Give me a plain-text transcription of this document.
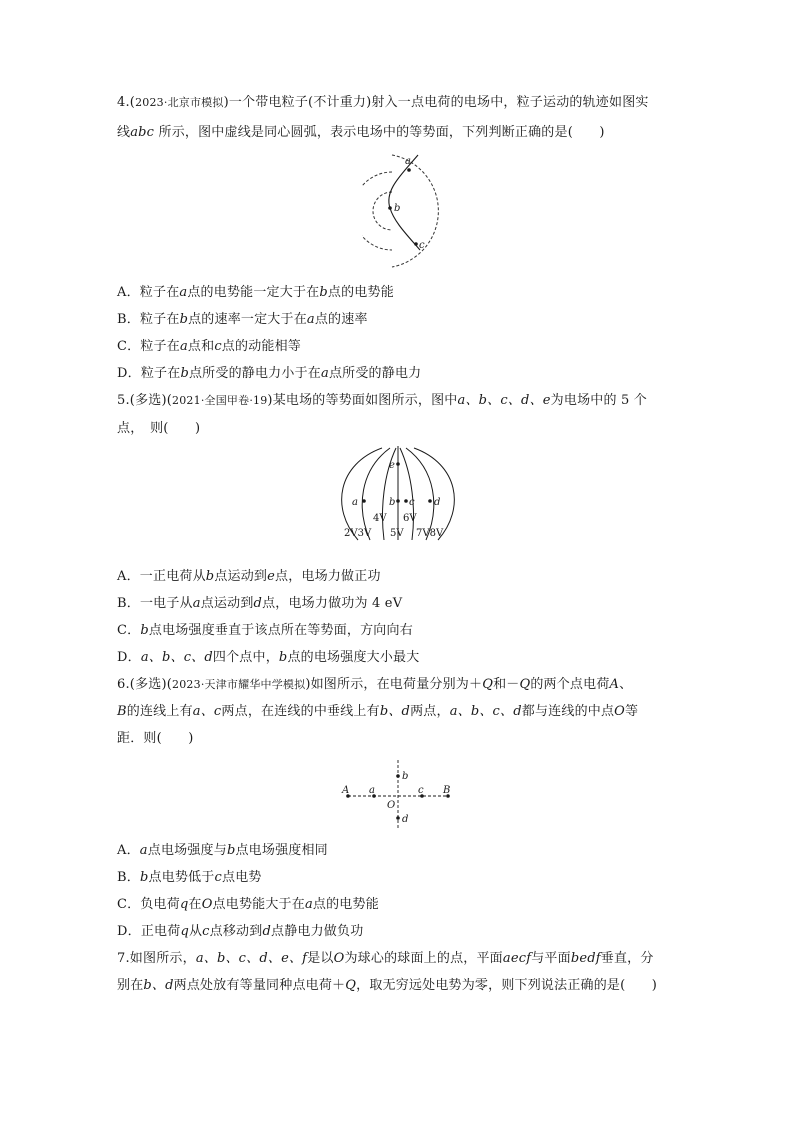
4.(2023·北京市模拟)一个带电粒子(不计重力)射入一点电荷的电场中，粒子运动的轨迹如图实
线abc 所示，图中虚线是同心圆弧，表示电场中的等势面，下列判断正确的是(　　)
a
b
c
A．粒子在a点的电势能一定大于在b点的电势能
B．粒子在b点的速率一定大于在a点的速率
C．粒子在a点和c点的动能相等
D．粒子在b点所受的静电力小于在a点所受的静电力
5.(多选)(2021·全国甲卷·19)某电场的等势面如图所示，图中a、b、c、d、e为电场中的 5 个
点，　则(　　)
e
a	b c d
4V 6V
2V3V 5V 7V8V
A．一正电荷从b点运动到e点，电场力做正功
B．一电子从a点运动到d点，电场力做功为 4 eV
C．b点电场强度垂直于该点所在等势面，方向向右
D．a、b、c、d四个点中，b点的电场强度大小最大
6.(多选)(2023·天津市耀华中学模拟)如图所示，在电荷量分别为＋Q和－Q的两个点电荷A、
B的连线上有a、c两点，在连线的中垂线上有b、d两点，a、b、c、d都与连线的中点O等
距．则(　　)
A a
O
c B
b
d
A．a点电场强度与b点电场强度相同
B．b点电势低于c点电势
C．负电荷q在O点电势能大于在a点的电势能
D．正电荷q从c点移动到d点静电力做负功
7.如图所示，a、b、c、d、e、f是以O为球心的球面上的点，平面aecf与平面bedf垂直，分
别在b、d两点处放有等量同种点电荷＋Q，取无穷远处电势为零，则下列说法正确的是(　　)
